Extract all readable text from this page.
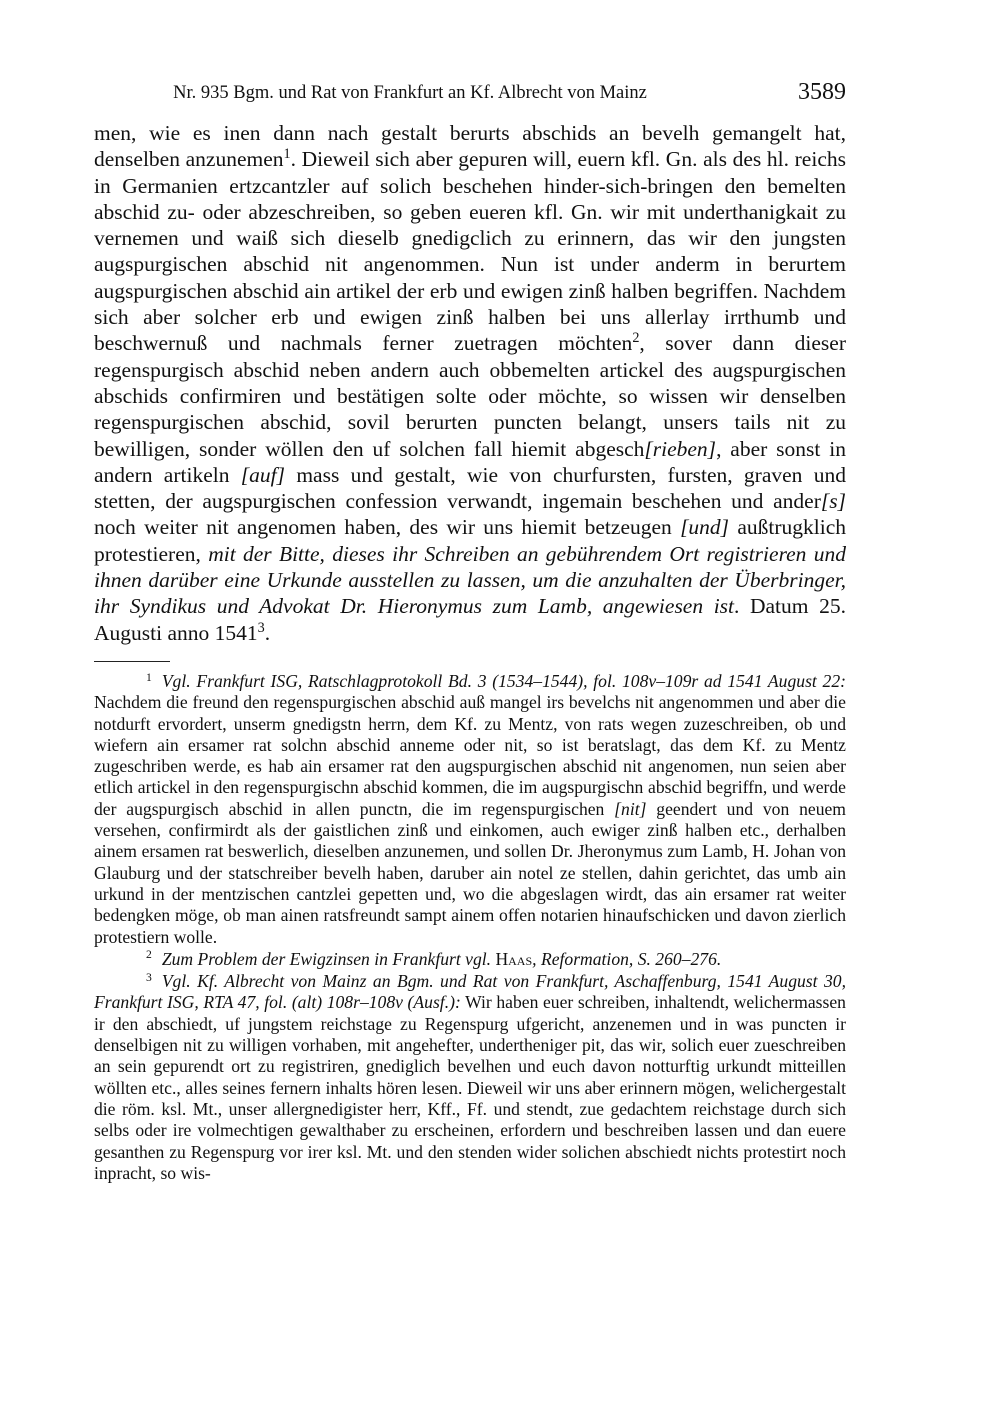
Nr. 935 Bgm. und Rat von Frankfurt an Kf. Albrecht von Mainz	3589

men, wie es inen dann nach gestalt berurts abschids an bevelh gemangelt hat, denselben anzunemen$^1$. Dieweil sich aber gepuren will, euern kfl. Gn. als des hl. reichs in Germanien ertzcantzler auf solich beschehen hinder-sich-bringen den bemelten abschid zu- oder abzeschreiben, so geben eueren kfl. Gn. wir mit underthanigkait zu vernemen und waiß sich dieselb gnedigclich zu erinnern, das wir den jungsten augspurgischen abschid nit angenommen. Nun ist under anderm in berurtem augspurgischen abschid ain artikel der erb und ewigen zinß halben begriffen. Nachdem sich aber solcher erb und ewigen zinß halben bei uns allerlay irrthumb und beschwernuß und nachmals ferner zuetragen möchten$^2$, sover dann dieser regenspurgisch abschid neben andern auch obbemelten artickel des augspurgischen abschids confirmiren und bestätigen solte oder möchte, so wissen wir denselben regenspurgischen abschid, sovil berurten puncten belangt, unsers tails nit zu bewilligen, sonder wöllen den uf solchen fall hiemit abgesch[rieben], aber sonst in andern artikeln [auf] mass und gestalt, wie von churfursten, fursten, graven und stetten, der augspurgischen confession verwandt, ingemain beschehen und ander[s] noch weiter nit angenomen haben, des wir uns hiemit betzeugen [und] außtrugklich protestieren, mit der Bitte, dieses ihr Schreiben an gebührendem Ort registrieren und ihnen darüber eine Urkunde ausstellen zu lassen, um die anzuhalten der Überbringer, ihr Syndikus und Advokat Dr. Hieronymus zum Lamb, angewiesen ist. Datum 25. Augusti anno 1541$^3$.

$^1$ Vgl. Frankfurt ISG, Ratschlagprotokoll Bd. 3 (1534–1544), fol. 108v–109r ad 1541 August 22: Nachdem die freund den regenspurgischen abschid auß mangel irs bevelchs nit angenommen und aber die notdurft ervordert, unserm gnedigstn herrn, dem Kf. zu Mentz, von rats wegen zuzeschreiben, ob und wiefern ain ersamer rat solchn abschid anneme oder nit, so ist beratslagt, das dem Kf. zu Mentz zugeschriben werde, es hab ain ersamer rat den augspurgischen abschid nit angenomen, nun seien aber etlich artickel in den regenspurgischn abschid kommen, die im augspurgischn abschid begriffn, und werde der augspurgisch abschid in allen punctn, die im regenspurgischen [nit] geendert und von neuem versehen, confirmirdt als der gaistlichen zinß und einkomen, auch ewiger zinß halben etc., derhalben ainem ersamen rat beswerlich, dieselben anzunemen, und sollen Dr. Jheronymus zum Lamb, H. Johan von Glauburg und der statschreiber bevelh haben, daruber ain notel ze stellen, dahin gerichtet, das umb ain urkund in der mentzischen cantzlei gepetten und, wo die abgeslagen wirdt, das ain ersamer rat weiter bedengken möge, ob man ainen ratsfreundt sampt ainem offen notarien hinaufschicken und davon zierlich protestiern wolle.

$^2$ Zum Problem der Ewigzinsen in Frankfurt vgl. Haas, Reformation, S. 260–276.

$^3$ Vgl. Kf. Albrecht von Mainz an Bgm. und Rat von Frankfurt, Aschaffenburg, 1541 August 30, Frankfurt ISG, RTA 47, fol. (alt) 108r–108v (Ausf.): Wir haben euer schreiben, inhaltendt, welichermassen ir den abschiedt, uf jungstem reichstage zu Regenspurg ufgericht, anzenemen und in was puncten ir denselbigen nit zu willigen vorhaben, mit angehefter, undertheniger pit, das wir, solich euer zueschreiben an sein gepurendt ort zu registriren, gnediglich bevelhen und euch davon notturftig urkundt mitteillen wöllten etc., alles seines fernern inhalts hören lesen. Dieweil wir uns aber erinnern mögen, welichergestalt die röm. ksl. Mt., unser allergnedigister herr, Kff., Ff. und stendt, zue gedachtem reichstage durch sich selbs oder ire volmechtigen gewalthaber zu erscheinen, erfordern und beschreiben lassen und dan euere gesanthen zu Regenspurg vor irer ksl. Mt. und den stenden wider solichen abschiedt nichts protestirt noch inpracht, so wis-
